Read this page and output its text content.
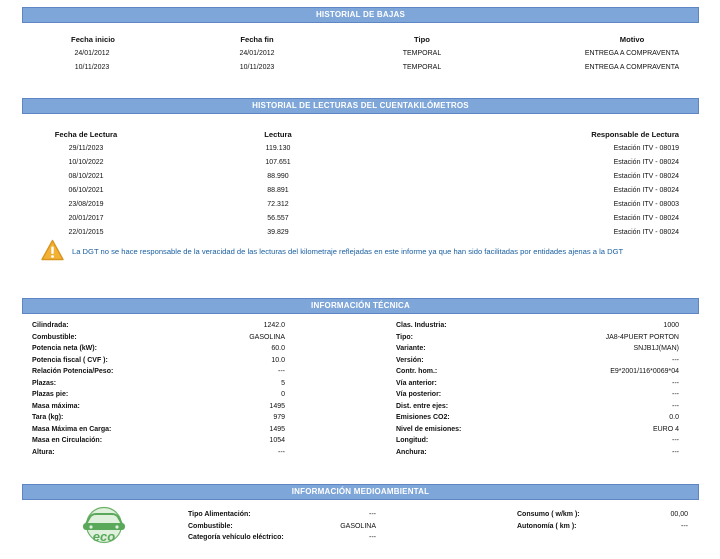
HISTORIAL DE BAJAS
Fecha inicio	Fecha fin	Tipo	Motivo
24/01/2012	24/01/2012	TEMPORAL	ENTREGA A COMPRAVENTA
10/11/2023	10/11/2023	TEMPORAL	ENTREGA A COMPRAVENTA
HISTORIAL DE LECTURAS DEL CUENTAKILÓMETROS
Fecha de Lectura	Lectura	Responsable de Lectura
29/11/2023	119.130	Estación ITV - 08019
10/10/2022	107.651	Estación ITV - 08024
08/10/2021	88.990	Estación ITV - 08024
06/10/2021	88.891	Estación ITV - 08024
23/08/2019	72.312	Estación ITV - 08003
20/01/2017	56.557	Estación ITV - 08024
22/01/2015	39.829	Estación ITV - 08024
La DGT no se hace responsable de la veracidad de las lecturas del kilometraje reflejadas en este informe ya que han sido facilitadas por entidades ajenas a la DGT
INFORMACIÓN TÉCNICA
Cilindrada:	1242.0
Combustible:	GASOLINA
Potencia neta (kW):	60.0
Potencia fiscal ( CVF ):	10.0
Relación Potencia/Peso:	---
Plazas:	5
Plazas pie:	0
Masa máxima:	1495
Tara (kg):	979
Masa Máxima en Carga:	1495
Masa en Circulación:	1054
Altura:	---
Clas. Industria:	1000
Tipo:	JA8-4PUERT PORTON
Variante:	SNJB1J(MAN)
Versión:	---
Contr. hom.:	E9*2001/116*0069*04
Vía anterior:	---
Vía posterior:	---
Dist. entre ejes:	---
Emisiones CO2:	0.0
Nivel de emisiones:	EURO 4
Longitud:	---
Anchura:	---
INFORMACIÓN MEDIOAMBIENTAL
eco
Tipo Alimentación:	---
Combustible:	GASOLINA
Categoría vehículo eléctrico:	---
Consumo ( w/km ):	00,00
Autonomía ( km ):	---
